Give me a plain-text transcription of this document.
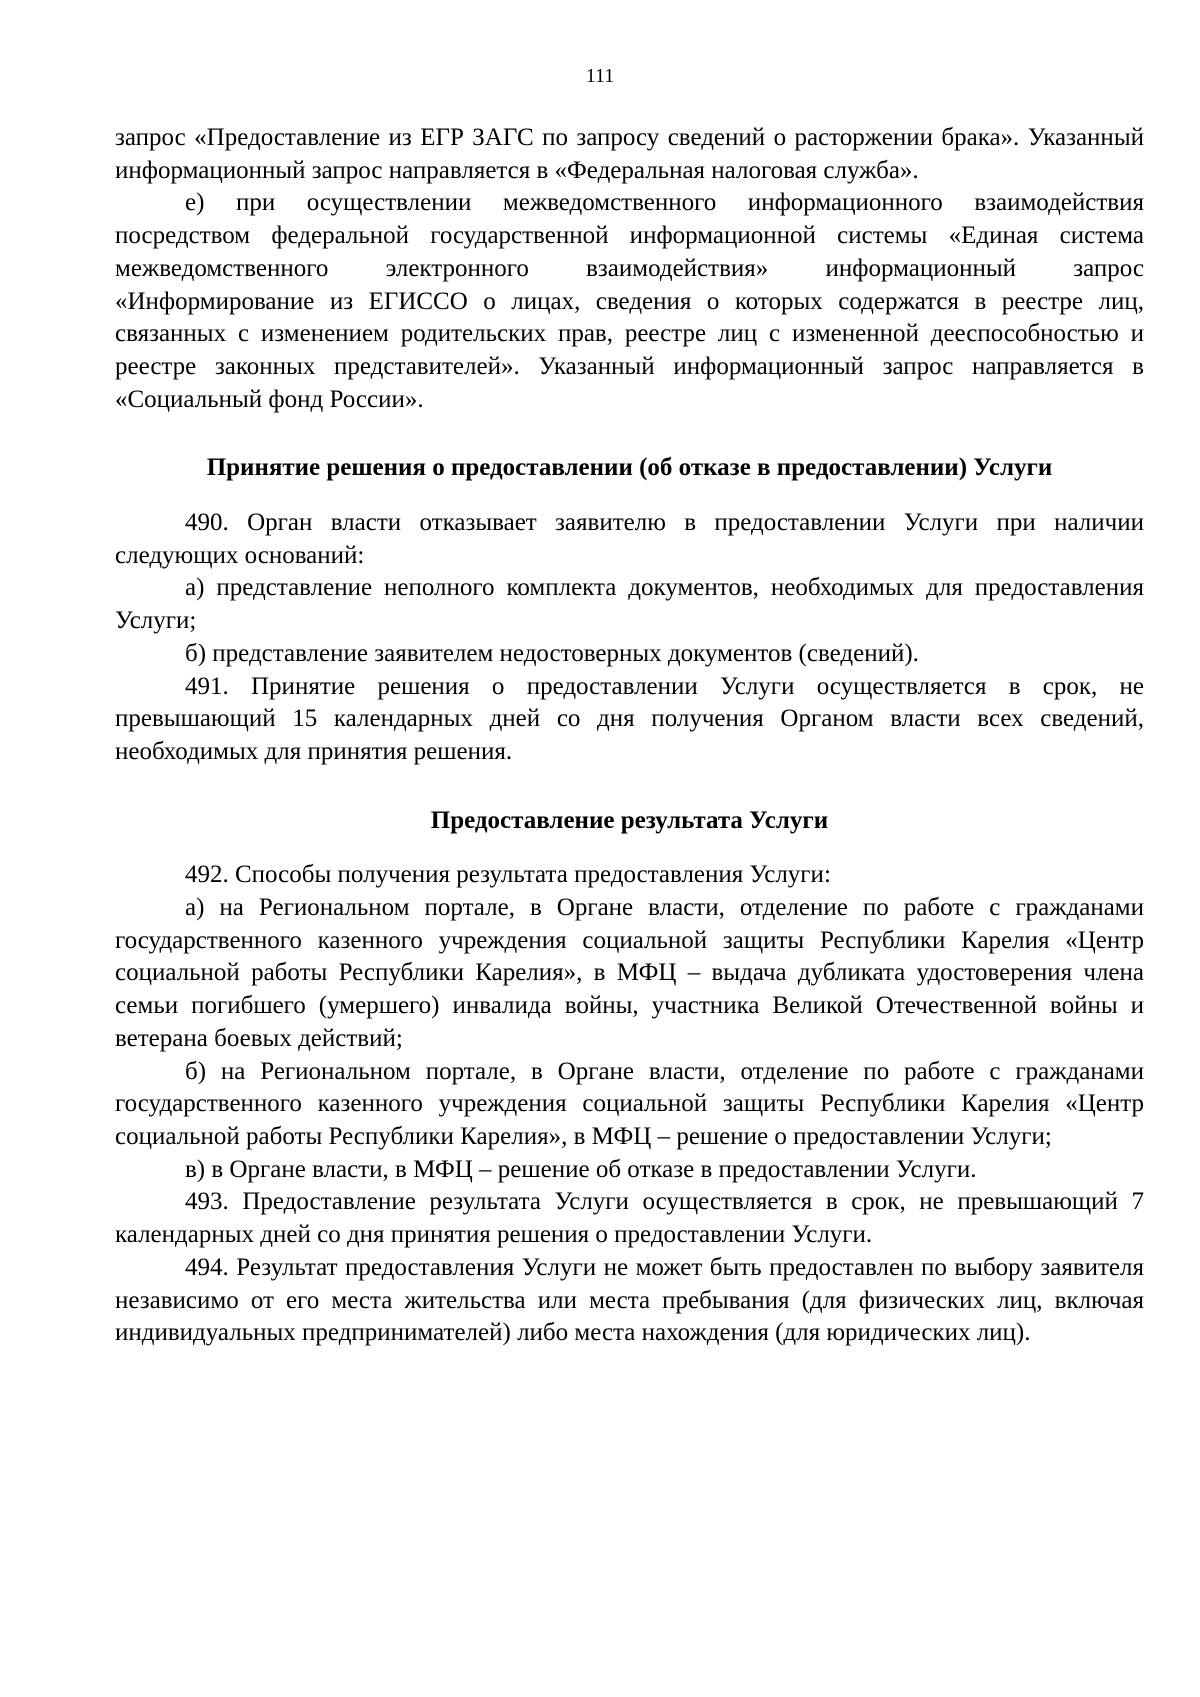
111

запрос «Предоставление из ЕГР ЗАГС по запросу сведений о расторжении брака». Указанный информационный запрос направляется в «Федеральная налоговая служба».

е) при осуществлении межведомственного информационного взаимодействия посредством федеральной государственной информационной системы «Единая система межведомственного электронного взаимодействия» информационный запрос «Информирование из ЕГИССО о лицах, сведения о которых содержатся в реестре лиц, связанных с изменением родительских прав, реестре лиц с измененной дееспособностью и реестре законных представителей». Указанный информационный запрос направляется в «Социальный фонд России».

Принятие решения о предоставлении (об отказе в предоставлении) Услуги

490. Орган власти отказывает заявителю в предоставлении Услуги при наличии следующих оснований:

а) представление неполного комплекта документов, необходимых для предоставления Услуги;

б) представление заявителем недостоверных документов (сведений).

491. Принятие решения о предоставлении Услуги осуществляется в срок, не превышающий 15 календарных дней со дня получения Органом власти всех сведений, необходимых для принятия решения.

Предоставление результата Услуги

492. Способы получения результата предоставления Услуги:

а) на Региональном портале, в Органе власти, отделение по работе с гражданами государственного казенного учреждения социальной защиты Республики Карелия «Центр социальной работы Республики Карелия», в МФЦ – выдача дубликата удостоверения члена семьи погибшего (умершего) инвалида войны, участника Великой Отечественной войны и ветерана боевых действий;

б) на Региональном портале, в Органе власти, отделение по работе с гражданами государственного казенного учреждения социальной защиты Республики Карелия «Центр социальной работы Республики Карелия», в МФЦ – решение о предоставлении Услуги;

в) в Органе власти, в МФЦ – решение об отказе в предоставлении Услуги.

493. Предоставление результата Услуги осуществляется в срок, не превышающий 7 календарных дней со дня принятия решения о предоставлении Услуги.

494. Результат предоставления Услуги не может быть предоставлен по выбору заявителя независимо от его места жительства или места пребывания (для физических лиц, включая индивидуальных предпринимателей) либо места нахождения (для юридических лиц).
